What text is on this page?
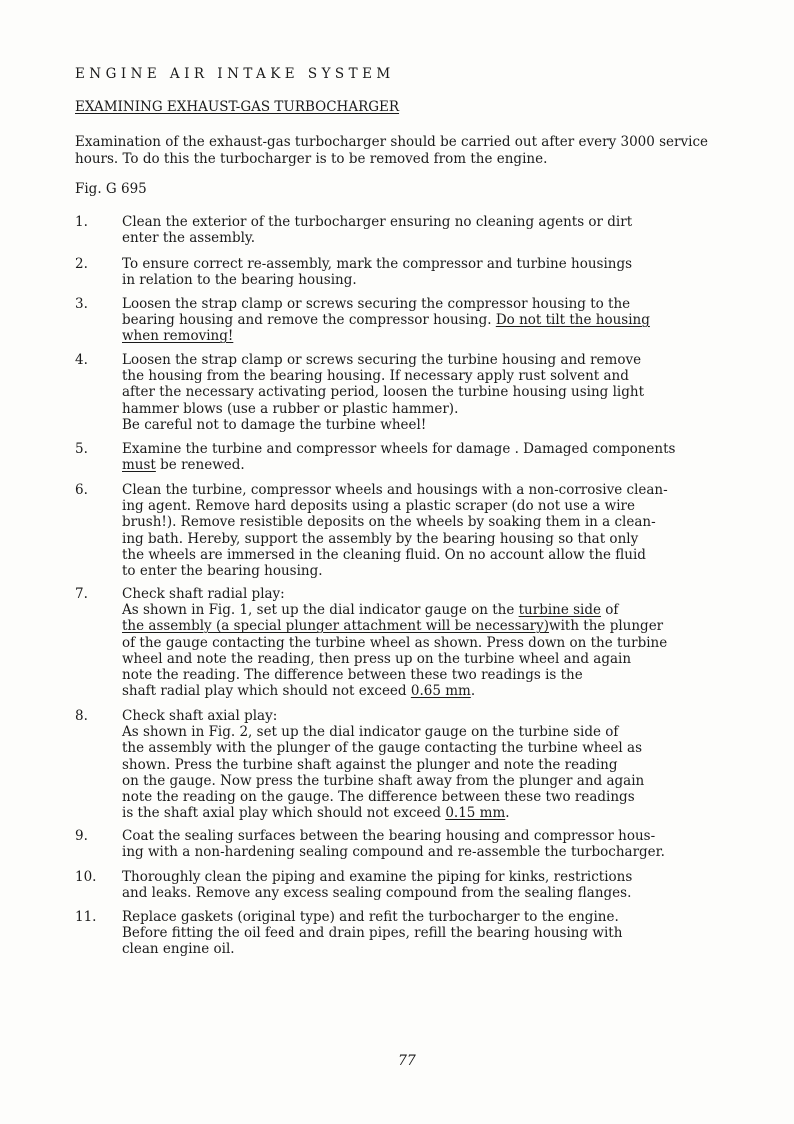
ENGINE AIR INTAKE SYSTEM
EXAMINING EXHAUST-GAS TURBOCHARGER
Examination of the exhaust-gas turbocharger should be carried out after every 3000 service hours. To do this the turbocharger is to be removed from the engine.
Fig. G 695
1.	Clean the exterior of the turbocharger ensuring no cleaning agents or dirt
enter the assembly.
2.	To ensure correct re-assembly, mark the compressor and turbine housings
in relation to the bearing housing.
3.	Loosen the strap clamp or screws securing the compressor housing to the
bearing housing and remove the compressor housing. Do not tilt the housing
when removing!
4.	Loosen the strap clamp or screws securing the turbine housing and remove
the housing from the bearing housing. If necessary apply rust solvent and
after the necessary activating period, loosen the turbine housing using light
hammer blows (use a rubber or plastic hammer).
Be careful not to damage the turbine wheel!
5.	Examine the turbine and compressor wheels for damage . Damaged components
must be renewed.
6.	Clean the turbine, compressor wheels and housings with a non-corrosive clean-
ing agent. Remove hard deposits using a plastic scraper (do not use a wire
brush!). Remove resistible deposits on the wheels by soaking them in a clean-
ing bath. Hereby, support the assembly by the bearing housing so that only
the wheels are immersed in the cleaning fluid. On no account allow the fluid
to enter the bearing housing.
7.	Check shaft radial play:
As shown in Fig. 1, set up the dial indicator gauge on the turbine side of
the assembly (a special plunger attachment will be necessary)with the plunger
of the gauge contacting the turbine wheel as shown. Press down on the turbine
wheel and note the reading, then press up on the turbine wheel and again
note the reading. The difference between these two readings is the
shaft radial play which should not exceed 0.65 mm.
8.	Check shaft axial play:
As shown in Fig. 2, set up the dial indicator gauge on the turbine side of
the assembly with the plunger of the gauge contacting the turbine wheel as
shown. Press the turbine shaft against the plunger and note the reading
on the gauge. Now press the turbine shaft away from the plunger and again
note the reading on the gauge. The difference between these two readings
is the shaft axial play which should not exceed 0.15 mm.
9.	Coat the sealing surfaces between the bearing housing and compressor hous-
ing with a non-hardening sealing compound and re-assemble the turbocharger.
10.	Thoroughly clean the piping and examine the piping for kinks, restrictions
and leaks. Remove any excess sealing compound from the sealing flanges.
11.	Replace gaskets (original type) and refit the turbocharger to the engine.
Before fitting the oil feed and drain pipes, refill the bearing housing with
clean engine oil.
77
